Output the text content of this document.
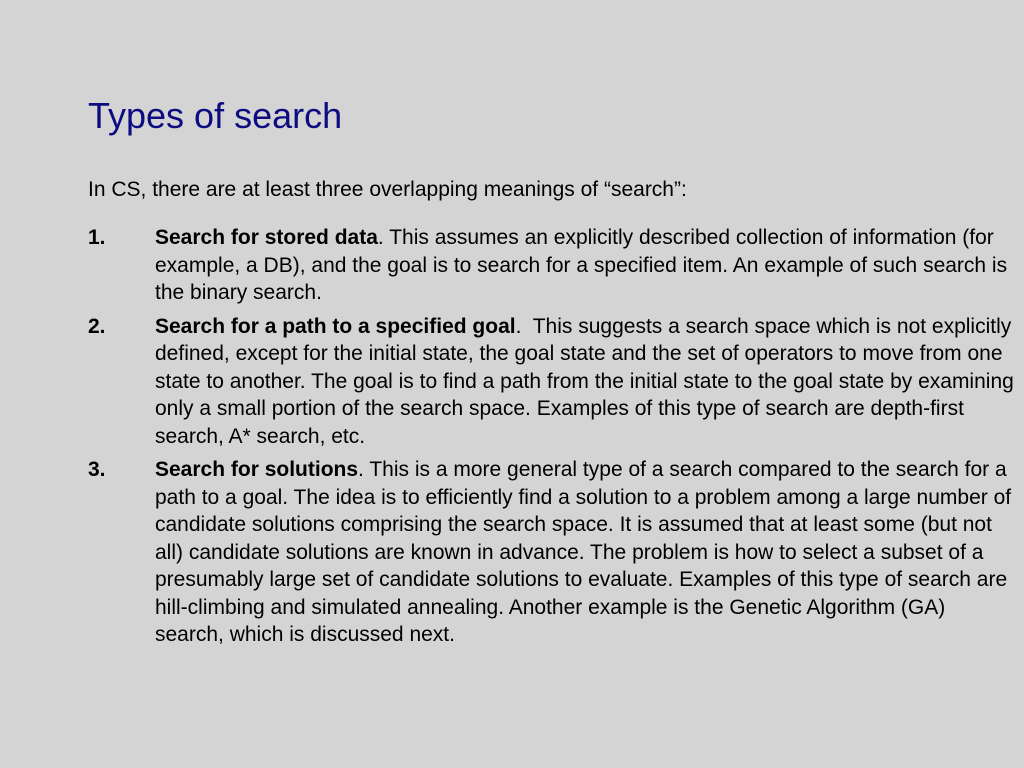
Types of search

In CS, there are at least three overlapping meanings of “search”:

1. Search for stored data. This assumes an explicitly described collection of information (for example, a DB), and the goal is to search for a specified item. An example of such search is the binary search.
2. Search for a path to a specified goal.  This suggests a search space which is not explicitly defined, except for the initial state, the goal state and the set of operators to move from one state to another. The goal is to find a path from the initial state to the goal state by examining only a small portion of the search space. Examples of this type of search are depth-first search, A* search, etc.
3. Search for solutions. This is a more general type of a search compared to the search for a path to a goal. The idea is to efficiently find a solution to a problem among a large number of candidate solutions comprising the search space. It is assumed that at least some (but not all) candidate solutions are known in advance. The problem is how to select a subset of a presumably large set of candidate solutions to evaluate. Examples of this type of search are hill-climbing and simulated annealing. Another example is the Genetic Algorithm (GA) search, which is discussed next.
